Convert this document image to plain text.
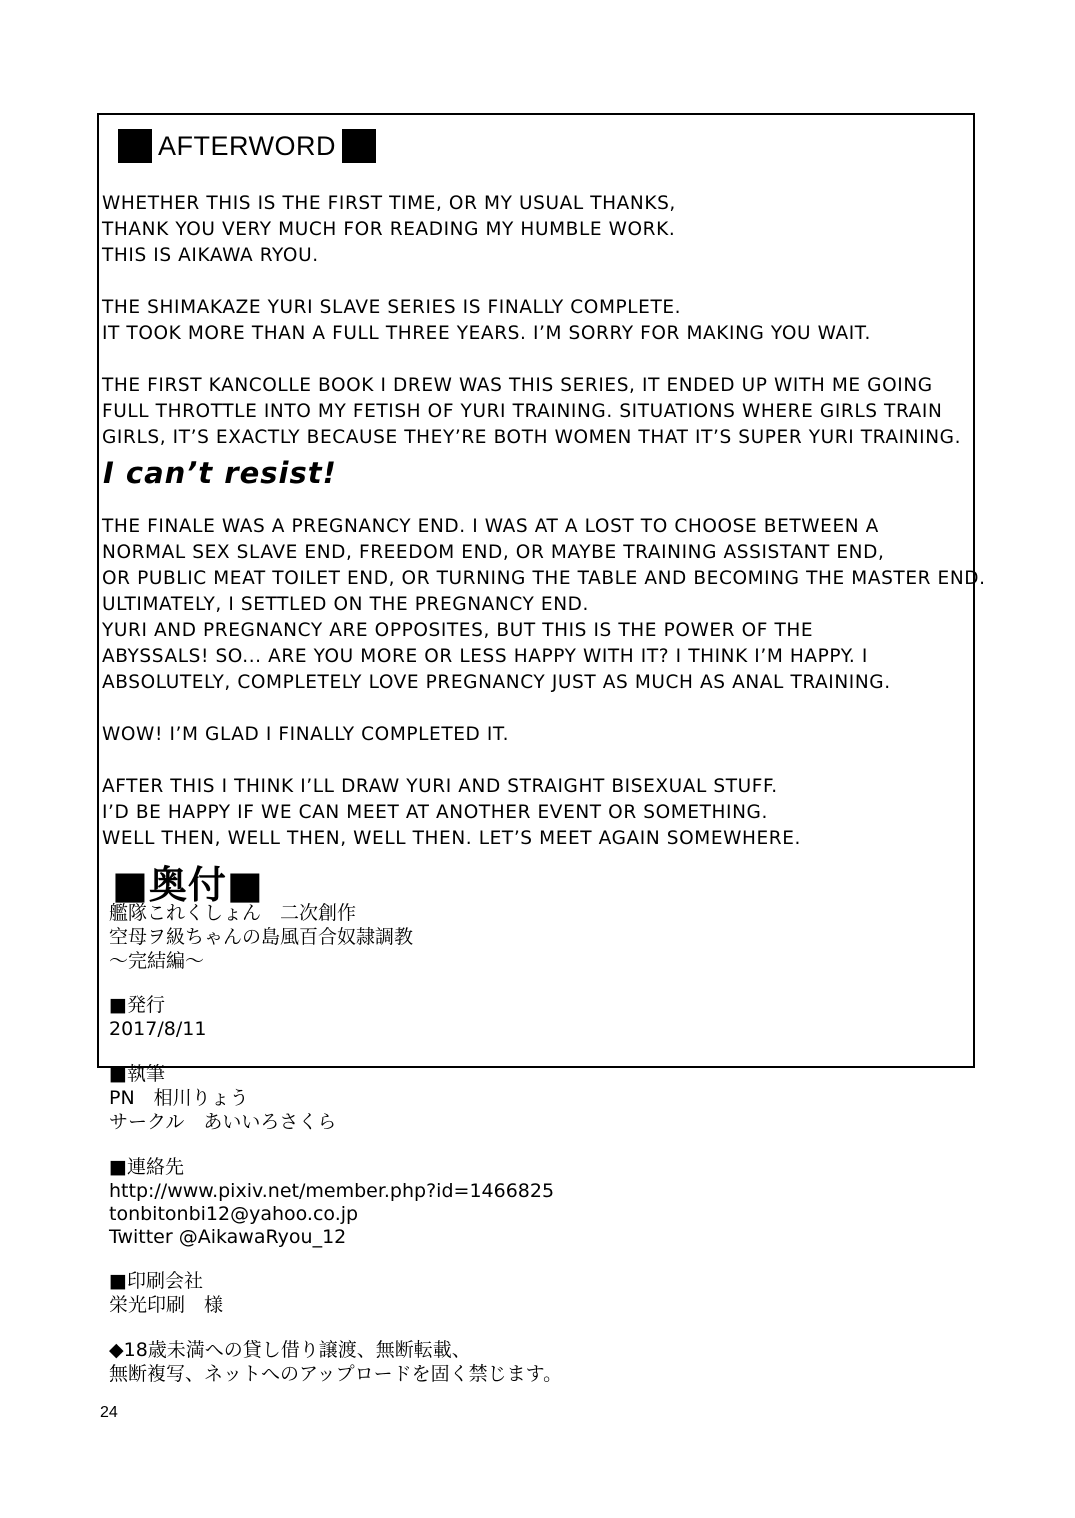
AFTERWORD
WHETHER THIS IS THE FIRST TIME, OR MY USUAL THANKS,
THANK YOU VERY MUCH FOR READING MY HUMBLE WORK.
THIS IS AIKAWA RYOU.
THE SHIMAKAZE YURI SLAVE SERIES IS FINALLY COMPLETE.
IT TOOK MORE THAN A FULL THREE YEARS. I’M SORRY FOR MAKING YOU WAIT.
THE FIRST KANCOLLE BOOK I DREW WAS THIS SERIES, IT ENDED UP WITH ME GOING
FULL THROTTLE INTO MY FETISH OF YURI TRAINING. SITUATIONS WHERE GIRLS TRAIN
GIRLS, IT’S EXACTLY BECAUSE THEY’RE BOTH WOMEN THAT IT’S SUPER YURI TRAINING.
I can’t resist!
THE FINALE WAS A PREGNANCY END. I WAS AT A LOST TO CHOOSE BETWEEN A
NORMAL SEX SLAVE END, FREEDOM END, OR MAYBE TRAINING ASSISTANT END,
OR PUBLIC MEAT TOILET END, OR TURNING THE TABLE AND BECOMING THE MASTER END.
ULTIMATELY, I SETTLED ON THE PREGNANCY END.
YURI AND PREGNANCY ARE OPPOSITES, BUT THIS IS THE POWER OF THE
ABYSSALS! SO... ARE YOU MORE OR LESS HAPPY WITH IT? I THINK I’M HAPPY. I
ABSOLUTELY, COMPLETELY LOVE PREGNANCY JUST AS MUCH AS ANAL TRAINING.
WOW! I’M GLAD I FINALLY COMPLETED IT.
AFTER THIS I THINK I’LL DRAW YURI AND STRAIGHT BISEXUAL STUFF.
I’D BE HAPPY IF WE CAN MEET AT ANOTHER EVENT OR SOMETHING.
WELL THEN, WELL THEN, WELL THEN. LET’S MEET AGAIN SOMEWHERE.
■奥付■
艦隊これくしょん　二次創作
空母ヲ級ちゃんの島風百合奴隷調教
～完結編～
■発行
2017/8/11
■執筆
PN　相川りょう
サークル　あいいろさくら
■連絡先
http://www.pixiv.net/member.php?id=1466825
tonbitonbi12@yahoo.co.jp
Twitter @AikawaRyou_12
■印刷会社
栄光印刷　様
◆18歳未満への貸し借り譲渡、無断転載、
無断複写、ネットへのアップロードを固く禁じます。
24
